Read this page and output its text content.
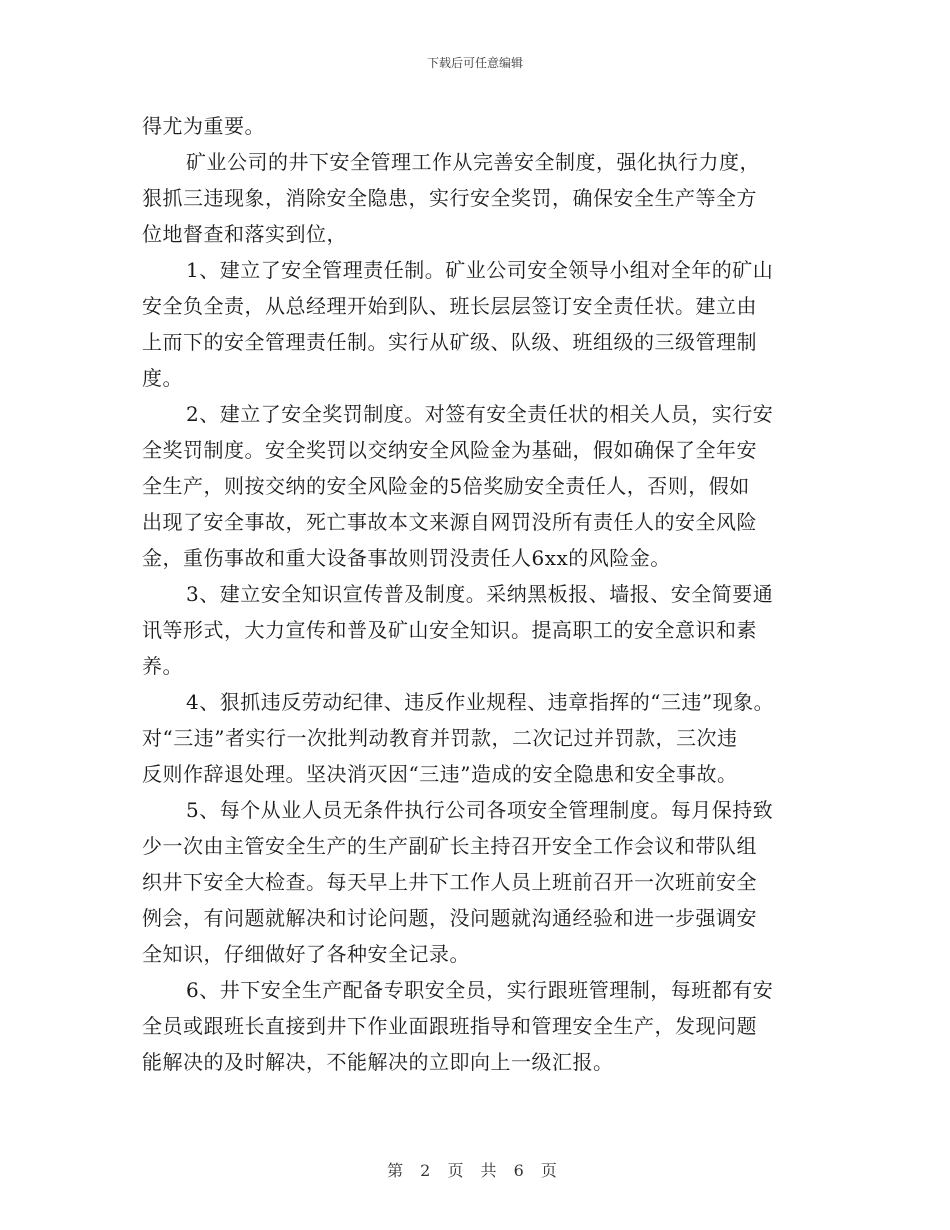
下载后可任意编辑
得尤为重要。
矿业公司的井下安全管理工作从完善安全制度，强化执行力度，
狠抓三违现象，消除安全隐患，实行安全奖罚，确保安全生产等全方
位地督查和落实到位，
1、建立了安全管理责任制。矿业公司安全领导小组对全年的矿山
安全负全责，从总经理开始到队、班长层层签订安全责任状。建立由
上而下的安全管理责任制。实行从矿级、队级、班组级的三级管理制
度。
2、建立了安全奖罚制度。对签有安全责任状的相关人员，实行安
全奖罚制度。安全奖罚以交纳安全风险金为基础，假如确保了全年安
全生产，则按交纳的安全风险金的5倍奖励安全责任人，否则，假如
出现了安全事故，死亡事故本文来源自网罚没所有责任人的安全风险
金，重伤事故和重大设备事故则罚没责任人6xx的风险金。
3、建立安全知识宣传普及制度。采纳黑板报、墙报、安全简要通
讯等形式，大力宣传和普及矿山安全知识。提高职工的安全意识和素
养。
4、狠抓违反劳动纪律、违反作业规程、违章指挥的“三违”现象。
对“三违”者实行一次批判动教育并罚款，二次记过并罚款，三次违
反则作辞退处理。坚决消灭因“三违”造成的安全隐患和安全事故。
5、每个从业人员无条件执行公司各项安全管理制度。每月保持致
少一次由主管安全生产的生产副矿长主持召开安全工作会议和带队组
织井下安全大检查。每天早上井下工作人员上班前召开一次班前安全
例会，有问题就解决和讨论问题，没问题就沟通经验和进一步强调安
全知识，仔细做好了各种安全记录。
6、井下安全生产配备专职安全员，实行跟班管理制，每班都有安
全员或跟班长直接到井下作业面跟班指导和管理安全生产，发现问题
能解决的及时解决，不能解决的立即向上一级汇报。
第 2 页 共 6 页
